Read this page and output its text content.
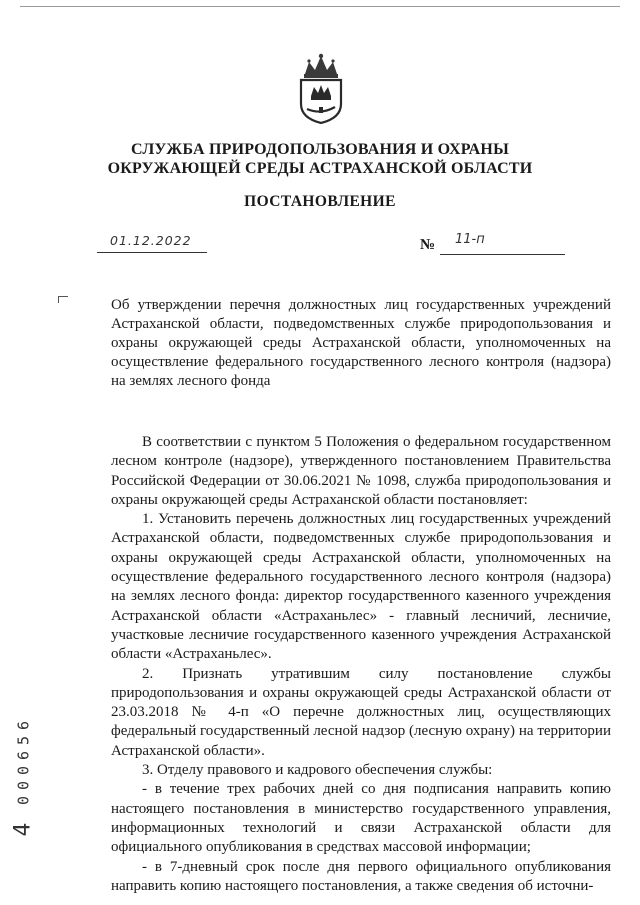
СЛУЖБА ПРИРОДОПОЛЬЗОВАНИЯ И ОХРАНЫ
ОКРУЖАЮЩЕЙ СРЕДЫ АСТРАХАНСКОЙ ОБЛАСТИ
ПОСТАНОВЛЕНИЕ
01.12.2022	№ 11-п
Об утверждении перечня должностных лиц государственных учреждений Астраханской области, подведомственных службе природопользования и охраны окружающей среды Астраханской области, уполномоченных на осуществление федерального государственного лесного контроля (надзора) на землях лесного фонда

В соответствии с пунктом 5 Положения о федеральном государственном лесном контроле (надзоре), утвержденного постановлением Правительства Российской Федерации от 30.06.2021 № 1098, служба природопользования и охраны окружающей среды Астраханской области постановляет:

1. Установить перечень должностных лиц государственных учреждений Астраханской области, подведомственных службе природопользования и охраны окружающей среды Астраханской области, уполномоченных на осуществление федерального государственного лесного контроля (надзора) на землях лесного фонда: директор государственного казенного учреждения Астраханской области «Астраханьлес» - главный лесничий, лесничие, участковые лесничие государственного казенного учреждения Астраханской области «Астраханьлес».

2. Признать утратившим силу постановление службы природопользования и охраны окружающей среды Астраханской области от 23.03.2018 № 4-п «О перечне должностных лиц, осуществляющих федеральный государственный лесной надзор (лесную охрану) на территории Астраханской области».

3. Отделу правового и кадрового обеспечения службы:

- в течение трех рабочих дней со дня подписания направить копию настоящего постановления в министерство государственного управления, информационных технологий и связи Астраханской области для официального опубликования в средствах массовой информации;

- в 7-дневный срок после дня первого официального опубликования направить копию настоящего постановления, а также сведения об источни-

6
5
6
0
0
0
4
